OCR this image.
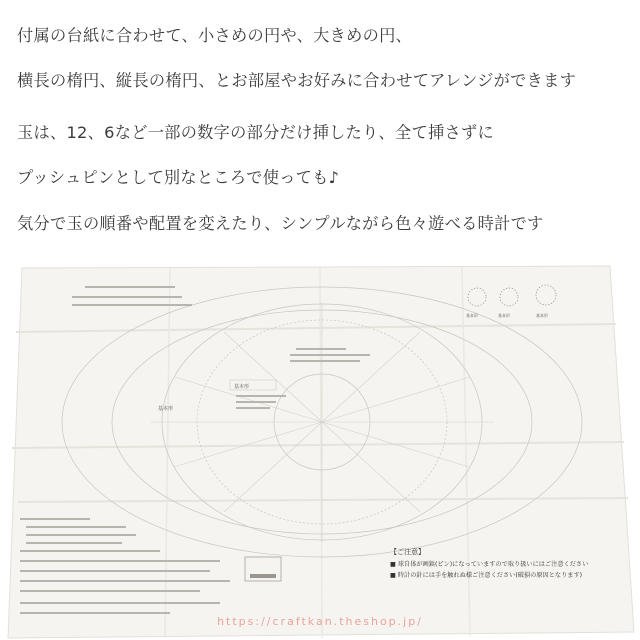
付属の台紙に合わせて、小さめの円や、大きめの円、
横長の楕円、縦長の楕円、とお部屋やお好みに合わせてアレンジができます
玉は、12、6など一部の数字の部分だけ挿したり、全て挿さずに
プッシュピンとして別なところで使っても♪
気分で玉の順番や配置を変えたり、シンプルながら色々遊べる時計です
基本形
基本形
基本形	基本形	基本形
【ご注意】
■ 球自体が画鋲(ピン)になっていますので取り扱いにはご注意ください
■ 時計の針には手を触れぬ様ご注意ください(破損の原因となります)
https://craftkan.theshop.jp/
